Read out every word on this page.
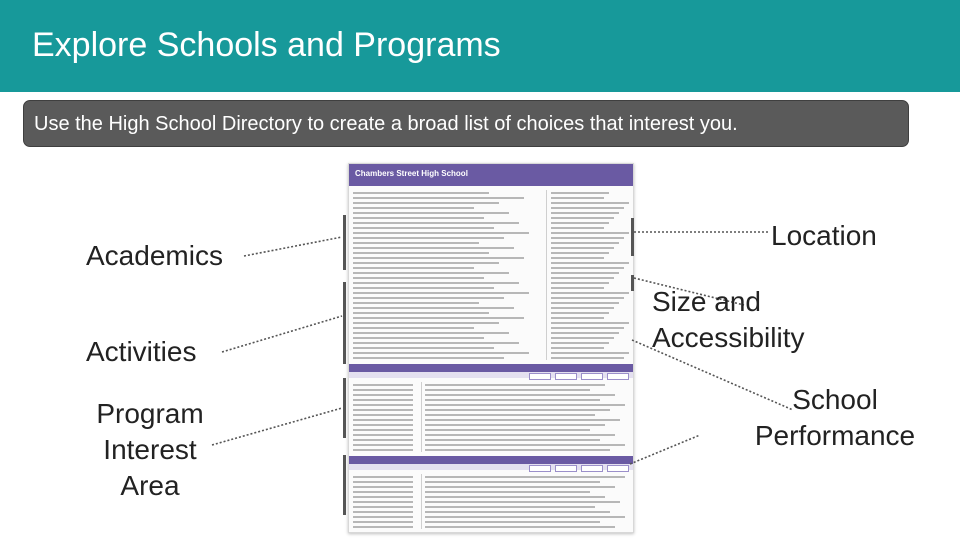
Explore Schools and Programs
Use the High School Directory to create a broad list of choices that interest you.
Chambers Street High School
Academics
Activities
Program
Interest
Area
Location
Size and
Accessibility
School
Performance
